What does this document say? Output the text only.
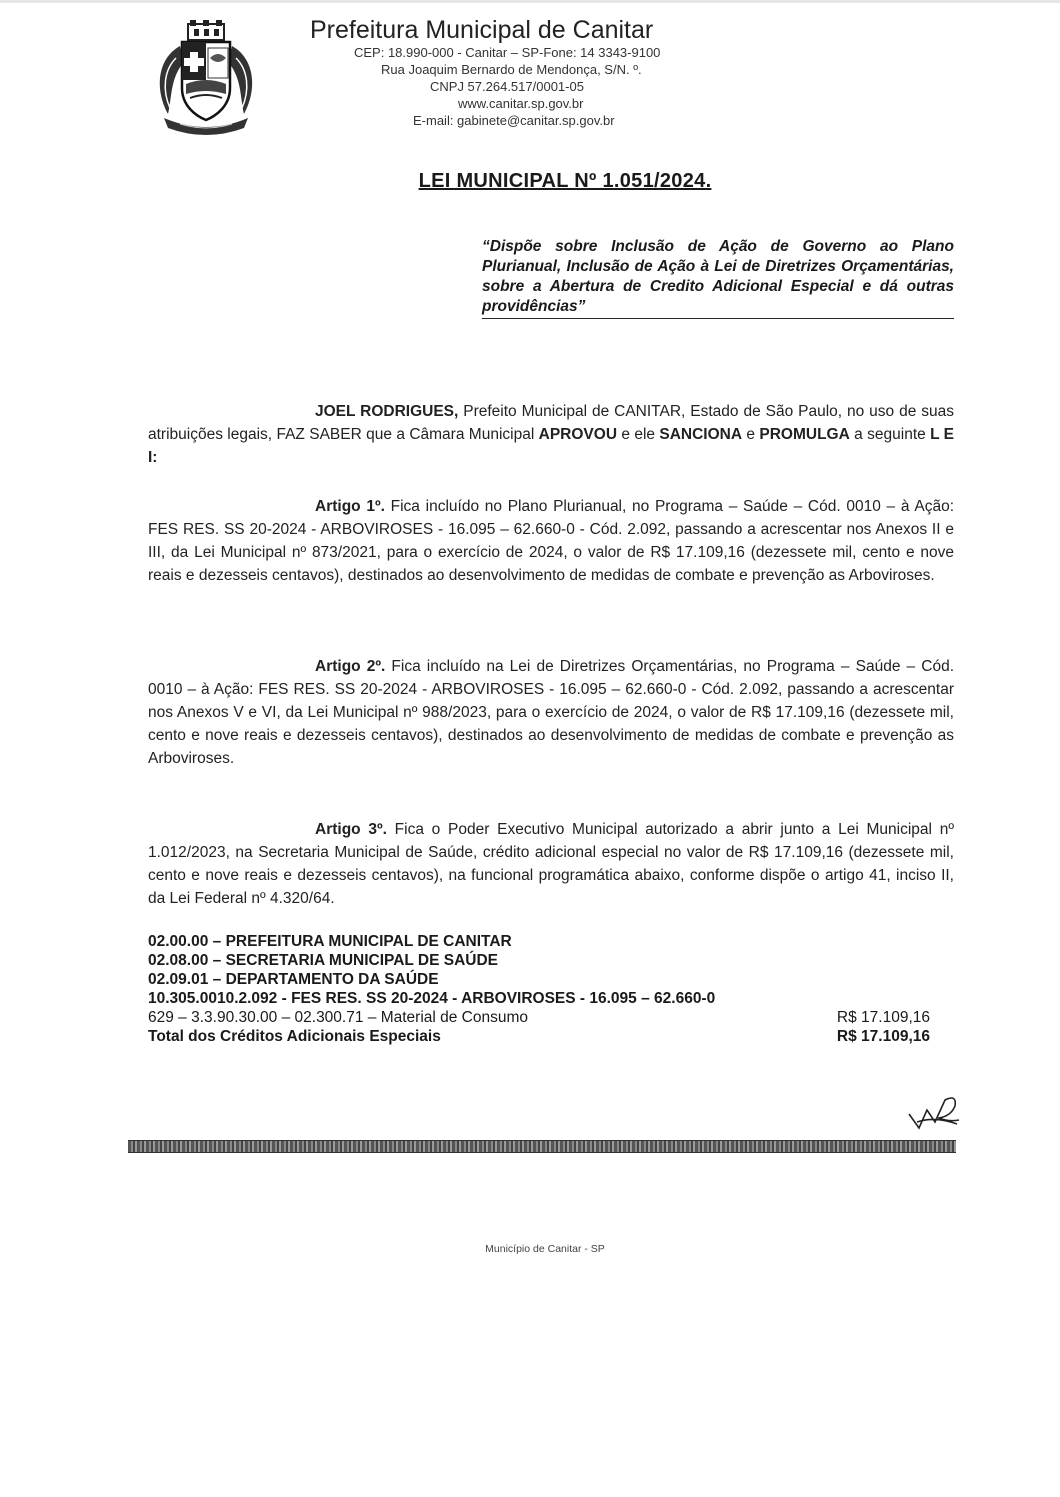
Prefeitura Municipal de Canitar
CEP: 18.990-000 - Canitar – SP-Fone: 14 3343-9100
Rua Joaquim Bernardo de Mendonça, S/N. º.
CNPJ 57.264.517/0001-05
www.canitar.sp.gov.br
E-mail: gabinete@canitar.sp.gov.br
LEI MUNICIPAL Nº 1.051/2024.
“Dispõe sobre Inclusão de Ação de Governo ao Plano Plurianual, Inclusão de Ação à Lei de Diretrizes Orçamentárias, sobre a Abertura de Credito Adicional Especial e dá outras providências”

JOEL RODRIGUES, Prefeito Municipal de CANITAR, Estado de São Paulo, no uso de suas atribuições legais, FAZ SABER que a Câmara Municipal APROVOU e ele SANCIONA e PROMULGA a seguinte L E I:

Artigo 1º. Fica incluído no Plano Plurianual, no Programa – Saúde – Cód. 0010 – à Ação: FES RES. SS 20-2024 - ARBOVIROSES - 16.095 – 62.660-0 - Cód. 2.092, passando a acrescentar nos Anexos II e III, da Lei Municipal nº 873/2021, para o exercício de 2024, o valor de R$ 17.109,16 (dezessete mil, cento e nove reais e dezesseis centavos), destinados ao desenvolvimento de medidas de combate e prevenção as Arboviroses.

Artigo 2º. Fica incluído na Lei de Diretrizes Orçamentárias, no Programa – Saúde – Cód. 0010 – à Ação: FES RES. SS 20-2024 - ARBOVIROSES - 16.095 – 62.660-0 - Cód. 2.092, passando a acrescentar nos Anexos V e VI, da Lei Municipal nº 988/2023, para o exercício de 2024, o valor de R$ 17.109,16 (dezessete mil, cento e nove reais e dezesseis centavos), destinados ao desenvolvimento de medidas de combate e prevenção as Arboviroses.

Artigo 3º. Fica o Poder Executivo Municipal autorizado a abrir junto a Lei Municipal nº 1.012/2023, na Secretaria Municipal de Saúde, crédito adicional especial no valor de R$ 17.109,16 (dezessete mil, cento e nove reais e dezesseis centavos), na funcional programática abaixo, conforme dispõe o artigo 41, inciso II, da Lei Federal nº 4.320/64.

02.00.00 – PREFEITURA MUNICIPAL DE CANITAR
02.08.00 – SECRETARIA MUNICIPAL DE SAÚDE
02.09.01 – DEPARTAMENTO DA SAÚDE
10.305.0010.2.092 - FES RES. SS 20-2024 - ARBOVIROSES - 16.095 – 62.660-0
629 – 3.3.90.30.00 – 02.300.71 – Material de Consumo	R$ 17.109,16
Total dos Créditos Adicionais Especiais	R$ 17.109,16
Município de Canitar - SP
